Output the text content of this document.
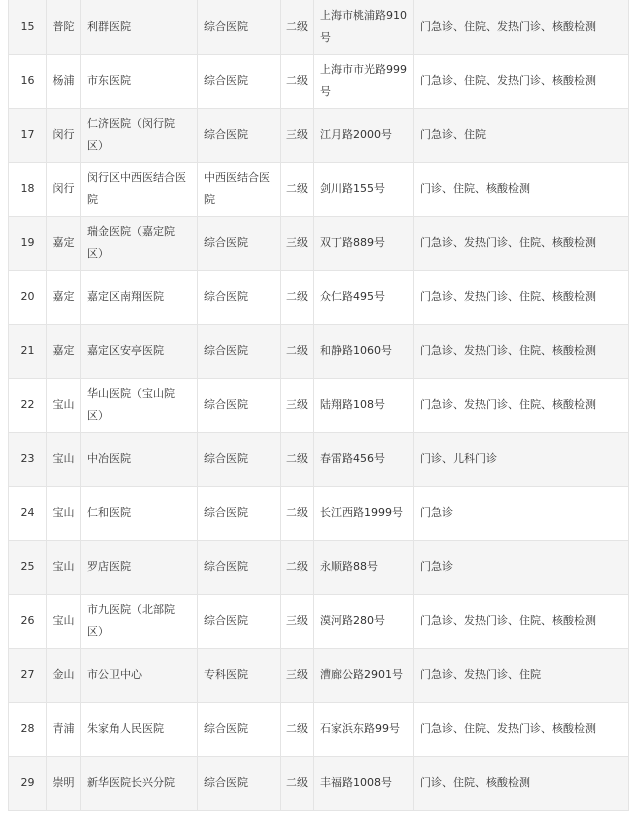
15	普陀	利群医院	综合医院	二级	上海市桃浦路910号	门急诊、住院、发热门诊、核酸检测

16	杨浦	市东医院	综合医院	二级	上海市市光路999号	门急诊、住院、发热门诊、核酸检测

17	闵行	仁济医院（闵行院区）	综合医院	三级	江月路2000号	门急诊、住院

18	闵行	闵行区中西医结合医院	中西医结合医院	二级	剑川路155号	门诊、住院、核酸检测

19	嘉定	瑞金医院（嘉定院区）	综合医院	三级	双丁路889号	门急诊、发热门诊、住院、核酸检测

20	嘉定	嘉定区南翔医院	综合医院	二级	众仁路495号	门急诊、发热门诊、住院、核酸检测

21	嘉定	嘉定区安亭医院	综合医院	二级	和静路1060号	门急诊、发热门诊、住院、核酸检测

22	宝山	华山医院（宝山院区）	综合医院	三级	陆翔路108号	门急诊、发热门诊、住院、核酸检测

23	宝山	中冶医院	综合医院	二级	春雷路456号	门诊、儿科门诊

24	宝山	仁和医院	综合医院	二级	长江西路1999号	门急诊

25	宝山	罗店医院	综合医院	二级	永顺路88号	门急诊

26	宝山	市九医院（北部院区）	综合医院	三级	漠河路280号	门急诊、发热门诊、住院、核酸检测

27	金山	市公卫中心	专科医院	三级	漕廊公路2901号	门急诊、发热门诊、住院

28	青浦	朱家角人民医院	综合医院	二级	石家浜东路99号	门急诊、住院、发热门诊、核酸检测

29	崇明	新华医院长兴分院	综合医院	二级	丰福路1008号	门诊、住院、核酸检测
